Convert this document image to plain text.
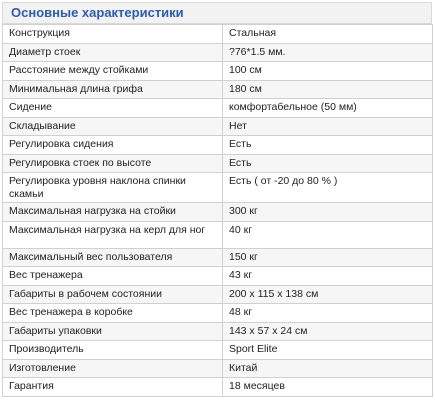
Основные характеристики
Конструкция	Стальная
Диаметр стоек	?76*1.5 мм.
Расстояние между стойками	100 см
Минимальная длина грифа	180 см
Сидение	комфортабельное (50 мм)
Складывание	Нет
Регулировка сидения	Есть
Регулировка стоек по высоте	Есть
Регулировка уровня наклона спинки скамьи	Есть ( от -20 до 80 % )
Максимальная нагрузка на стойки	300 кг
Максимальная нагрузка на керл для ног	40 кг
Максимальный вес пользователя	150 кг
Вес тренажера	43 кг
Габариты в рабочем состоянии	200 x 115 x 138 см
Вес тренажера в коробке	48 кг
Габариты упаковки	143 x 57 x 24 см
Производитель	Sport Elite
Изготовление	Китай
Гарантия	18 месяцев
